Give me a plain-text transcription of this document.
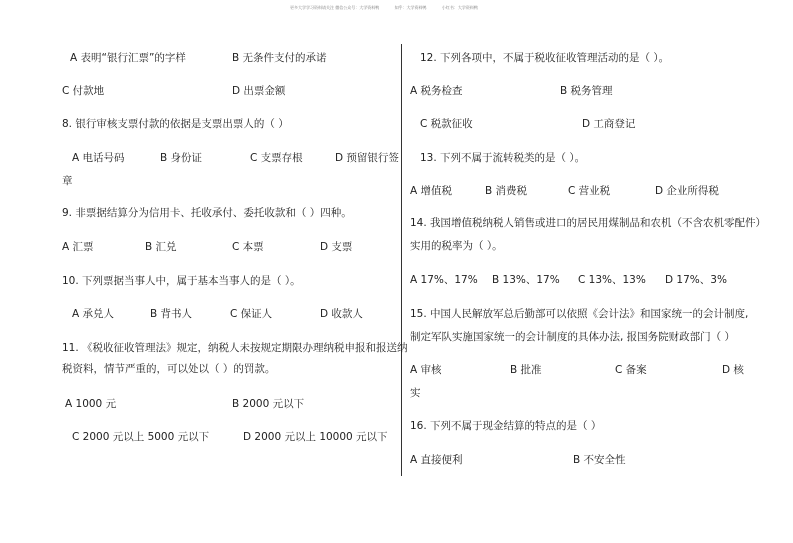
更多大学学习资料请关注 微信公众号：大学资料鸭	知乎：大学资料鸭	小红书：大学资料鸭
A 表明“银行汇票”的字样	B 无条件支付的承诺
C 付款地	D 出票金额
8. 银行审核支票付款的依据是支票出票人的（ ）
A 电话号码	B 身份证	C 支票存根	D 预留银行签
章
9. 非票据结算分为信用卡、托收承付、委托收款和（ ）四种。
A 汇票	B 汇兑	C 本票	D 支票
10. 下列票据当事人中，属于基本当事人的是（ ）。
A 承兑人	B 背书人	C 保证人	D 收款人
11. 《税收征收管理法》规定，纳税人未按规定期限办理纳税申报和报送纳
税资料，情节严重的，可以处以（ ）的罚款。
A 1000 元	B 2000 元以下
C 2000 元以上 5000 元以下	D 2000 元以上 10000 元以下
12. 下列各项中，不属于税收征收管理活动的是（ ）。
A 税务检查	B 税务管理
C 税款征收	D 工商登记
13. 下列不属于流转税类的是（ ）。
A 增值税	B 消费税	C 营业税	D 企业所得税
14. 我国增值税纳税人销售或进口的居民用煤制品和农机（不含农机零配件）
实用的税率为（ ）。
A 17%、17% B 13%、17% C 13%、13% D 17%、3%
15. 中国人民解放军总后勤部可以依照《会计法》和国家统一的会计制度,
制定军队实施国家统一的会计制度的具体办法, 报国务院财政部门（ ）
A 审核	B 批准	C 备案	D 核
实
16. 下列不属于现金结算的特点的是（ ）
A 直接便利	B 不安全性
